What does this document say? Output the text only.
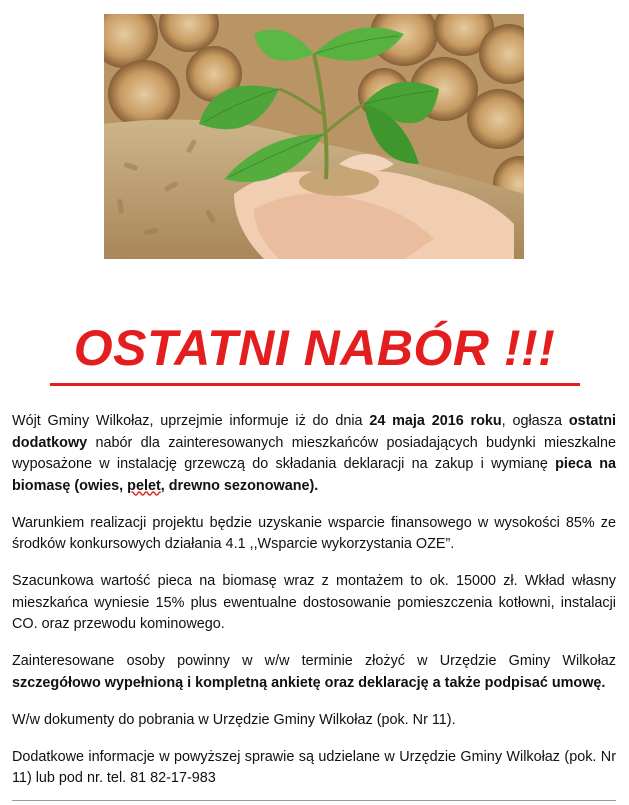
OSTATNI NABÓR !!!

Wójt Gminy Wilkołaz, uprzejmie informuje iż do dnia 24 maja 2016 roku, ogłasza ostatni dodatkowy nabór dla zainteresowanych mieszkańców posiadających budynki mieszkalne wyposażone w instalację grzewczą do składania deklaracji na zakup i wymianę pieca na biomasę (owies, pelet, drewno sezonowane).

Warunkiem realizacji projektu będzie uzyskanie wsparcie finansowego w wysokości 85% ze środków konkursowych działania 4.1 ,,Wsparcie wykorzystania OZE”.

Szacunkowa wartość pieca na biomasę wraz z montażem to ok. 15000 zł. Wkład własny mieszkańca wyniesie 15% plus ewentualne dostosowanie pomieszczenia kotłowni, instalacji CO. oraz przewodu kominowego.

Zainteresowane osoby powinny w w/w terminie złożyć w Urzędzie Gminy Wilkołaz szczegółowo wypełnioną i kompletną ankietę oraz deklarację a także podpisać umowę.

W/w dokumenty do pobrania w Urzędzie Gminy Wilkołaz (pok. Nr 11).

Dodatkowe informacje w powyższej sprawie są udzielane w Urzędzie Gminy Wilkołaz (pok. Nr 11) lub pod nr. tel. 81 82-17-983
